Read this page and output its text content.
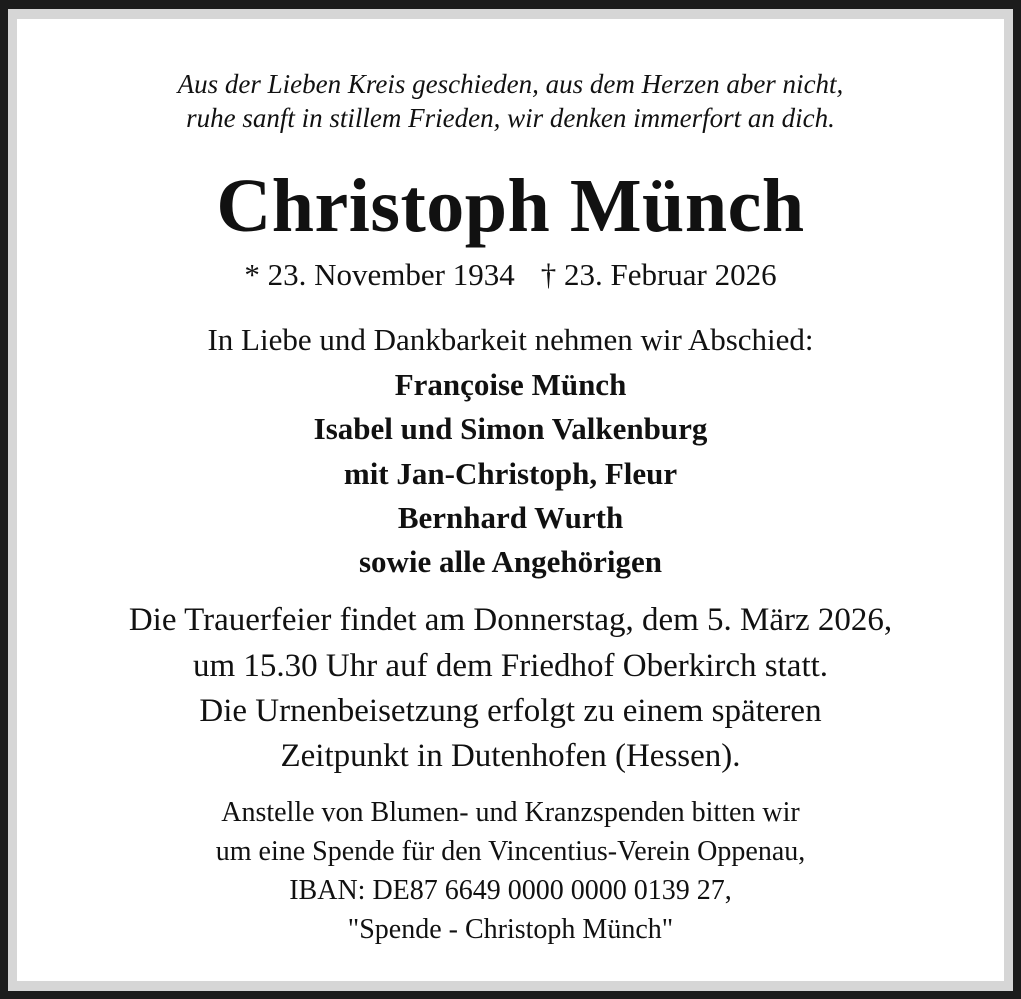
Aus der Lieben Kreis geschieden, aus dem Herzen aber nicht,
ruhe sanft in stillem Frieden, wir denken immerfort an dich.
Christoph Münch
* 23. November 1934 † 23. Februar 2026
In Liebe und Dankbarkeit nehmen wir Abschied:
Françoise Münch
Isabel und Simon Valkenburg
mit Jan-Christoph, Fleur
Bernhard Wurth
sowie alle Angehörigen
Die Trauerfeier findet am Donnerstag, dem 5. März 2026,
um 15.30 Uhr auf dem Friedhof Oberkirch statt.
Die Urnenbeisetzung erfolgt zu einem späteren
Zeitpunkt in Dutenhofen (Hessen).
Anstelle von Blumen- und Kranzspenden bitten wir
um eine Spende für den Vincentius-Verein Oppenau,
IBAN: DE87 6649 0000 0000 0139 27,
"Spende - Christoph Münch"
